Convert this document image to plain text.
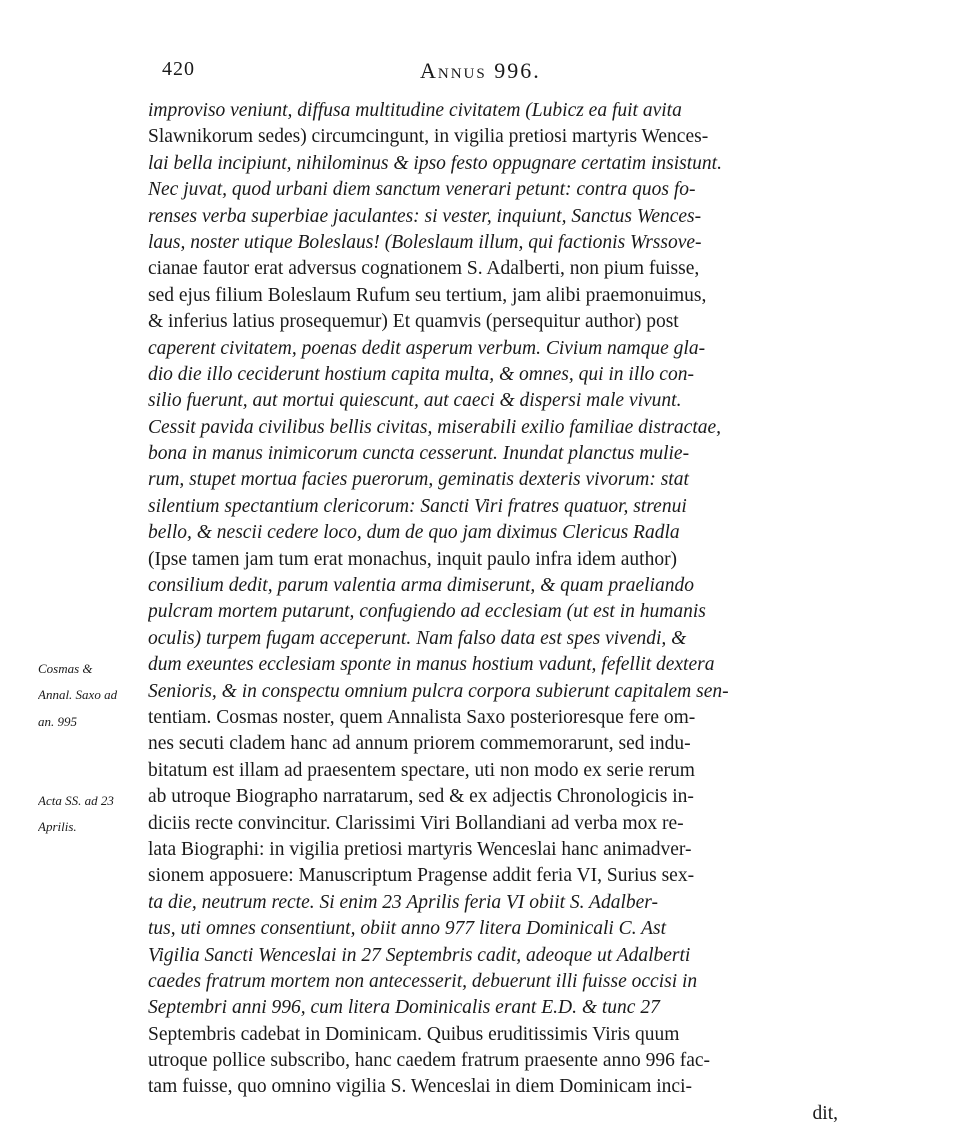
420	Annus 996.
improviso veniunt, diffusa multitudine civitatem (Lubicz ea fuit avita
Slawnikorum sedes) circumcingunt, in vigilia pretiosi martyris Wences-
lai bella incipiunt, nihilominus & ipso festo oppugnare certatim insistunt.
Nec juvat, quod urbani diem sanctum venerari petunt: contra quos fo-
renses verba superbiae jaculantes: si vester, inquiunt, Sanctus Wences-
laus, noster utique Boleslaus! (Boleslaum illum, qui factionis Wrssove-
cianae fautor erat adversus cognationem S. Adalberti, non pium fuisse,
sed ejus filium Boleslaum Rufum seu tertium, jam alibi praemonuimus,
& inferius latius prosequemur) Et quamvis (persequitur author) post
caperent civitatem, poenas dedit asperum verbum. Civium namque gla-
dio die illo ceciderunt hostium capita multa, & omnes, qui in illo con-
silio fuerunt, aut mortui quiescunt, aut caeci & dispersi male vivunt.
Cessit pavida civilibus bellis civitas, miserabili exilio familiae distractae,
bona in manus inimicorum cuncta cesserunt. Inundat planctus mulie-
rum, stupet mortua facies puerorum, geminatis dexteris vivorum: stat
silentium spectantium clericorum: Sancti Viri fratres quatuor, strenui
bello, & nescii cedere loco, dum de quo jam diximus Clericus Radla
(Ipse tamen jam tum erat monachus, inquit paulo infra idem author)
consilium dedit, parum valentia arma dimiserunt, & quam praeliando
pulcram mortem putarunt, confugiendo ad ecclesiam (ut est in humanis
oculis) turpem fugam acceperunt. Nam falso data est spes vivendi, &
dum exeuntes ecclesiam sponte in manus hostium vadunt, fefellit dextera
Senioris, & in conspectu omnium pulcra corpora subierunt capitalem sen-
tentiam. Cosmas noster, quem Annalista Saxo posterioresque fere om-
nes secuti cladem hanc ad annum priorem commemorarunt, sed indu-
bitatum est illam ad praesentem spectare, uti non modo ex serie rerum
ab utroque Biographo narratarum, sed & ex adjectis Chronologicis in-
diciis recte convincitur. Clarissimi Viri Bollandiani ad verba mox re-
lata Biographi: in vigilia pretiosi martyris Wenceslai hanc animadver-
sionem apposuere: Manuscriptum Pragense addit feria VI, Surius sex-
ta die, neutrum recte. Si enim 23 Aprilis feria VI obiit S. Adalber-
tus, uti omnes consentiunt, obiit anno 977 litera Dominicali C. Ast
Vigilia Sancti Wenceslai in 27 Septembris cadit, adeoque ut Adalberti
caedes fratrum mortem non antecesserit, debuerunt illi fuisse occisi in
Septembri anni 996, cum litera Dominicalis erant E.D. & tunc 27
Septembris cadebat in Dominicam. Quibus eruditissimis Viris quum
utroque pollice subscribo, hanc caedem fratrum praesente anno 996 fac-
tam fuisse, quo omnino vigilia S. Wenceslai in diem Dominicam inci-
dit,
Cosmas &
Annal. Saxo ad
an. 995
Acta SS. ad 23
Aprilis.
